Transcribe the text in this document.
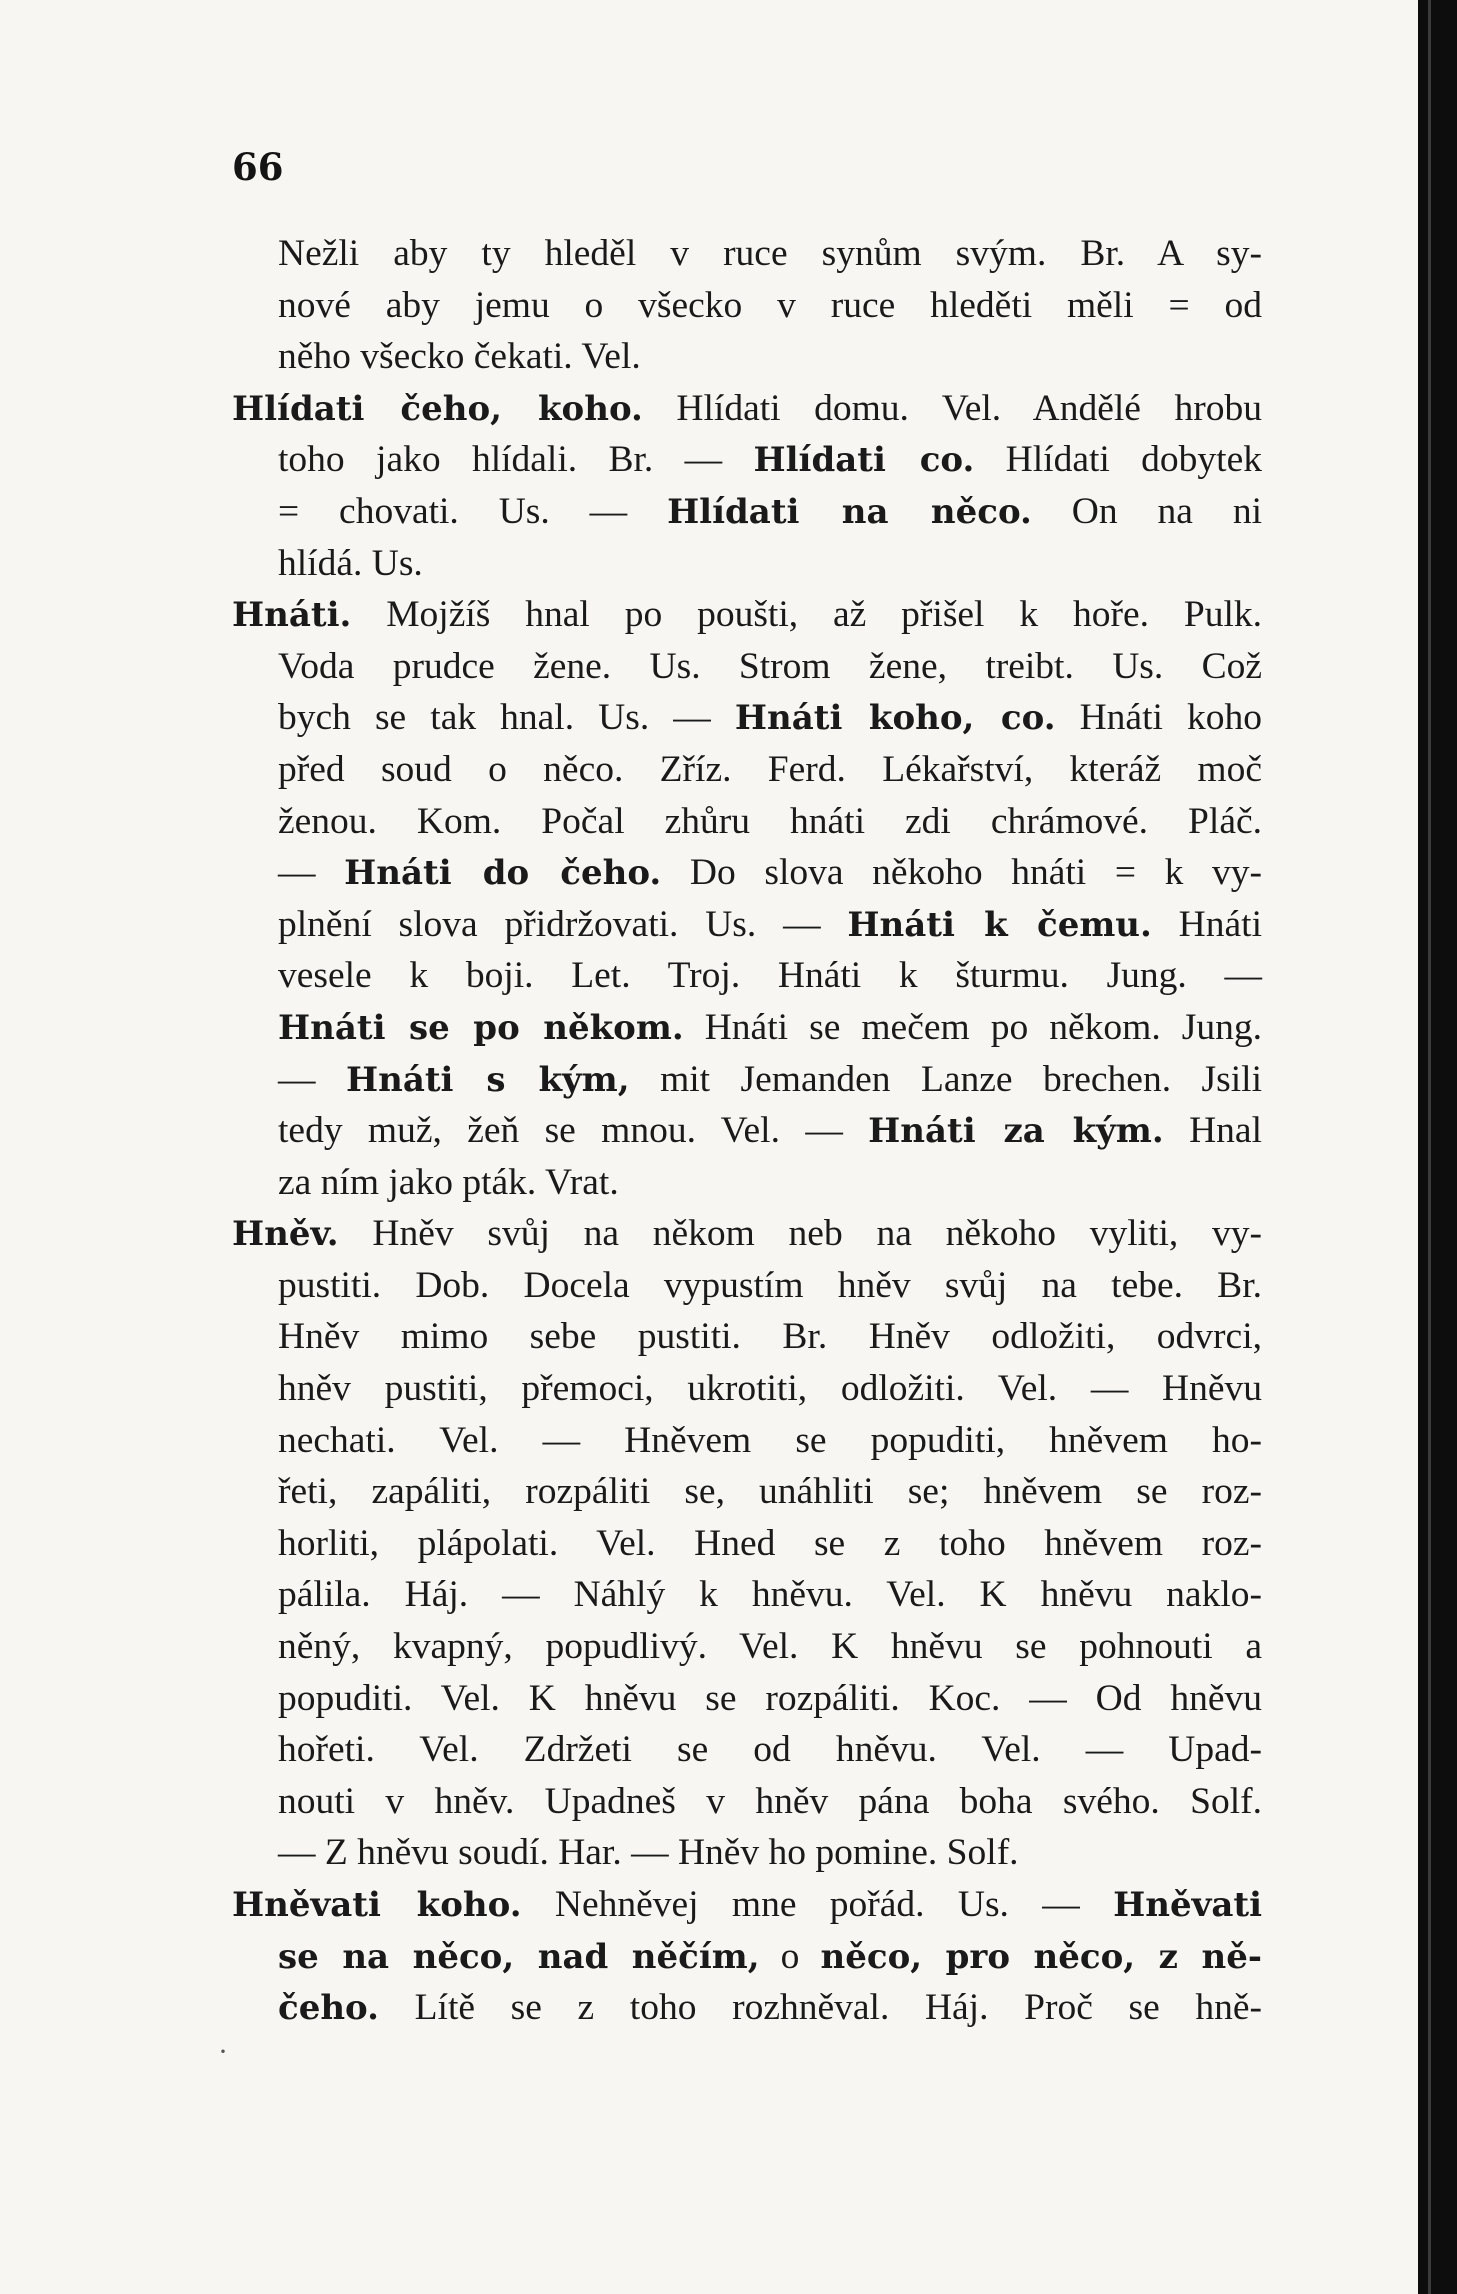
66
Nežli aby ty hleděl v ruce synům svým. Br. A sy-
nové aby jemu o všecko v ruce hleděti měli = od
něho všecko čekati. Vel.
Hlídati čeho, koho. Hlídati domu. Vel. Andělé hrobu
toho jako hlídali. Br. — Hlídati co. Hlídati dobytek
= chovati. Us. — Hlídati na něco. On na ni
hlídá. Us.
Hnáti. Mojžíš hnal po poušti, až přišel k hoře. Pulk.
Voda prudce žene. Us. Strom žene, treibt. Us. Což
bych se tak hnal. Us. — Hnáti koho, co. Hnáti koho
před soud o něco. Zříz. Ferd. Lékařství, kteráž moč
ženou. Kom. Počal zhůru hnáti zdi chrámové. Pláč.
— Hnáti do čeho. Do slova někoho hnáti = k vy-
plnění slova přidržovati. Us. — Hnáti k čemu. Hnáti
vesele k boji. Let. Troj. Hnáti k šturmu. Jung. —
Hnáti se po někom. Hnáti se mečem po někom. Jung.
— Hnáti s kým, mit Jemanden Lanze brechen. Jsili
tedy muž, žeň se mnou. Vel. — Hnáti za kým. Hnal
za ním jako pták. Vrat.
Hněv. Hněv svůj na někom neb na někoho vyliti, vy-
pustiti. Dob. Docela vypustím hněv svůj na tebe. Br.
Hněv mimo sebe pustiti. Br. Hněv odložiti, odvrci,
hněv pustiti, přemoci, ukrotiti, odložiti. Vel. — Hněvu
nechati. Vel. — Hněvem se popuditi, hněvem ho-
řeti, zapáliti, rozpáliti se, unáhliti se; hněvem se roz-
horliti, plápolati. Vel. Hned se z toho hněvem roz-
pálila. Háj. — Náhlý k hněvu. Vel. K hněvu naklo-
něný, kvapný, popudlivý. Vel. K hněvu se pohnouti a
popuditi. Vel. K hněvu se rozpáliti. Koc. — Od hněvu
hořeti. Vel. Zdržeti se od hněvu. Vel. — Upad-
nouti v hněv. Upadneš v hněv pána boha svého. Solf.
— Z hněvu soudí. Har. — Hněv ho pomine. Solf.
Hněvati koho. Nehněvej mne pořád. Us. — Hněvati
se na něco, nad něčím, o něco, pro něco, z ně-
čeho. Lítě se z toho rozhněval. Háj. Proč se hně-
·
